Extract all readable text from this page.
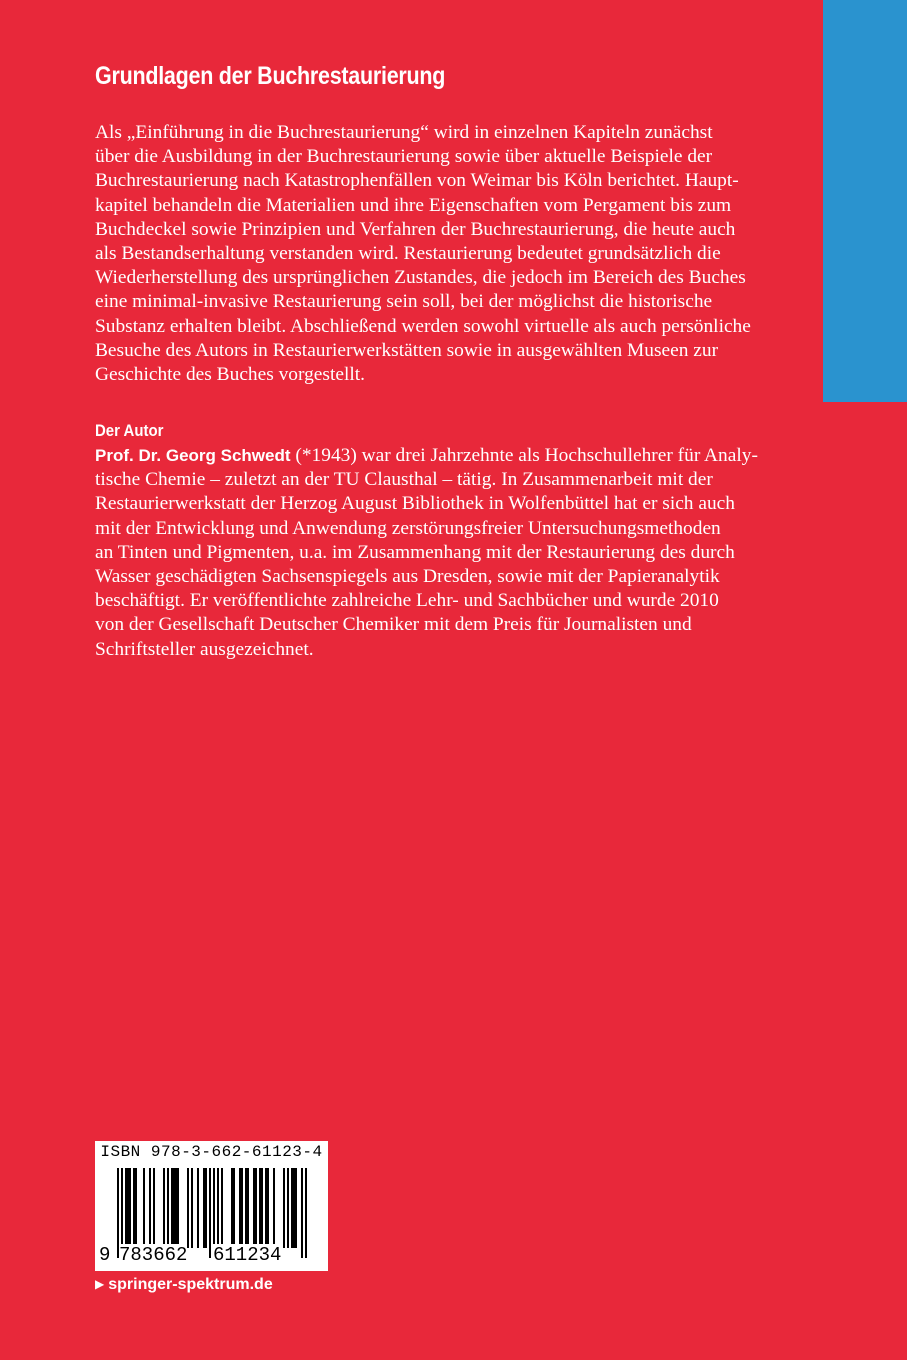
Grundlagen der Buchrestaurierung

Als „Einführung in die Buchrestaurierung“ wird in einzelnen Kapiteln zunächst
über die Ausbildung in der Buchrestaurierung sowie über aktuelle Beispiele der
Buchrestaurierung nach Katastrophenfällen von Weimar bis Köln berichtet. Haupt-
kapitel behandeln die Materialien und ihre Eigenschaften vom Pergament bis zum
Buchdeckel sowie Prinzipien und Verfahren der Buchrestaurierung, die heute auch
als Bestandserhaltung verstanden wird. Restaurierung bedeutet grundsätzlich die
Wiederherstellung des ursprünglichen Zustandes, die jedoch im Bereich des Buches
eine minimal-invasive Restaurierung sein soll, bei der möglichst die historische
Substanz erhalten bleibt. Abschließend werden sowohl virtuelle als auch persönliche
Besuche des Autors in Restaurierwerkstätten sowie in ausgewählten Museen zur
Geschichte des Buches vorgestellt.

Der Autor

Prof. Dr. Georg Schwedt (*1943) war drei Jahrzehnte als Hochschullehrer für Analy-
tische Chemie – zuletzt an der TU Clausthal – tätig. In Zusammenarbeit mit der
Restaurierwerkstatt der Herzog August Bibliothek in Wolfenbüttel hat er sich auch
mit der Entwicklung und Anwendung zerstörungsfreier Untersuchungsmethoden
an Tinten und Pigmenten, u.a. im Zusammenhang mit der Restaurierung des durch
Wasser geschädigten Sachsenspiegels aus Dresden, sowie mit der Papieranalytik
beschäftigt. Er veröffentlichte zahlreiche Lehr- und Sachbücher und wurde 2010
von der Gesellschaft Deutscher Chemiker mit dem Preis für Journalisten und
Schriftsteller ausgezeichnet.

ISBN 978-3-662-61123-4
9 783662 611234
▶ springer-spektrum.de
